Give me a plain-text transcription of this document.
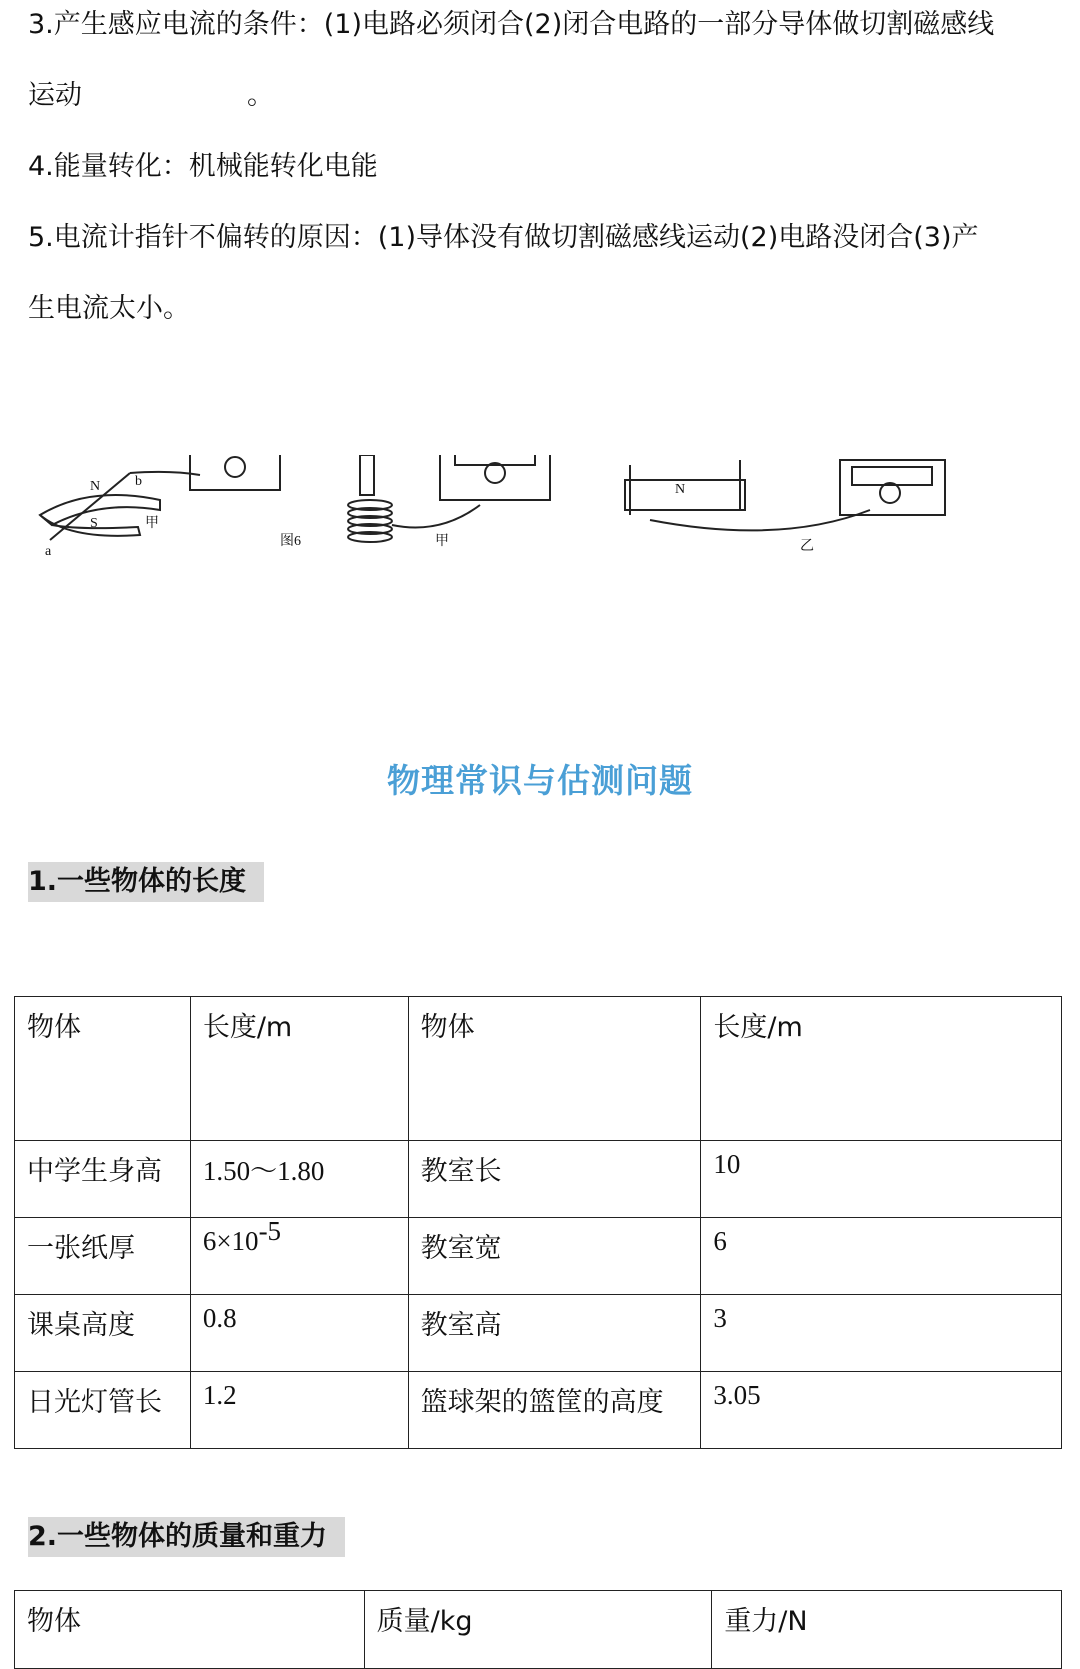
3.产生感应电流的条件：(1)电路必须闭合(2)闭合电路的一部分导体做切割磁感线
运动	。
4.能量转化：机械能转化电能
5.电流计指针不偏转的原因：(1)导体没有做切割磁感线运动(2)电路没闭合(3)产
生电流太小。
N b
S
a
甲
图6	甲
N
乙
物理常识与估测问题
1.一些物体的长度
物体	长度/m	物体	长度/m
中学生身高	1.50～1.80	教室长	10
一张纸厚	$6\times 10^{-5}$	教室宽	6
课桌高度	0.8	教室高	3
日光灯管长	1.2	篮球架的篮筐的高度	3.05
2.一些物体的质量和重力
物体	质量/kg	重力/N
